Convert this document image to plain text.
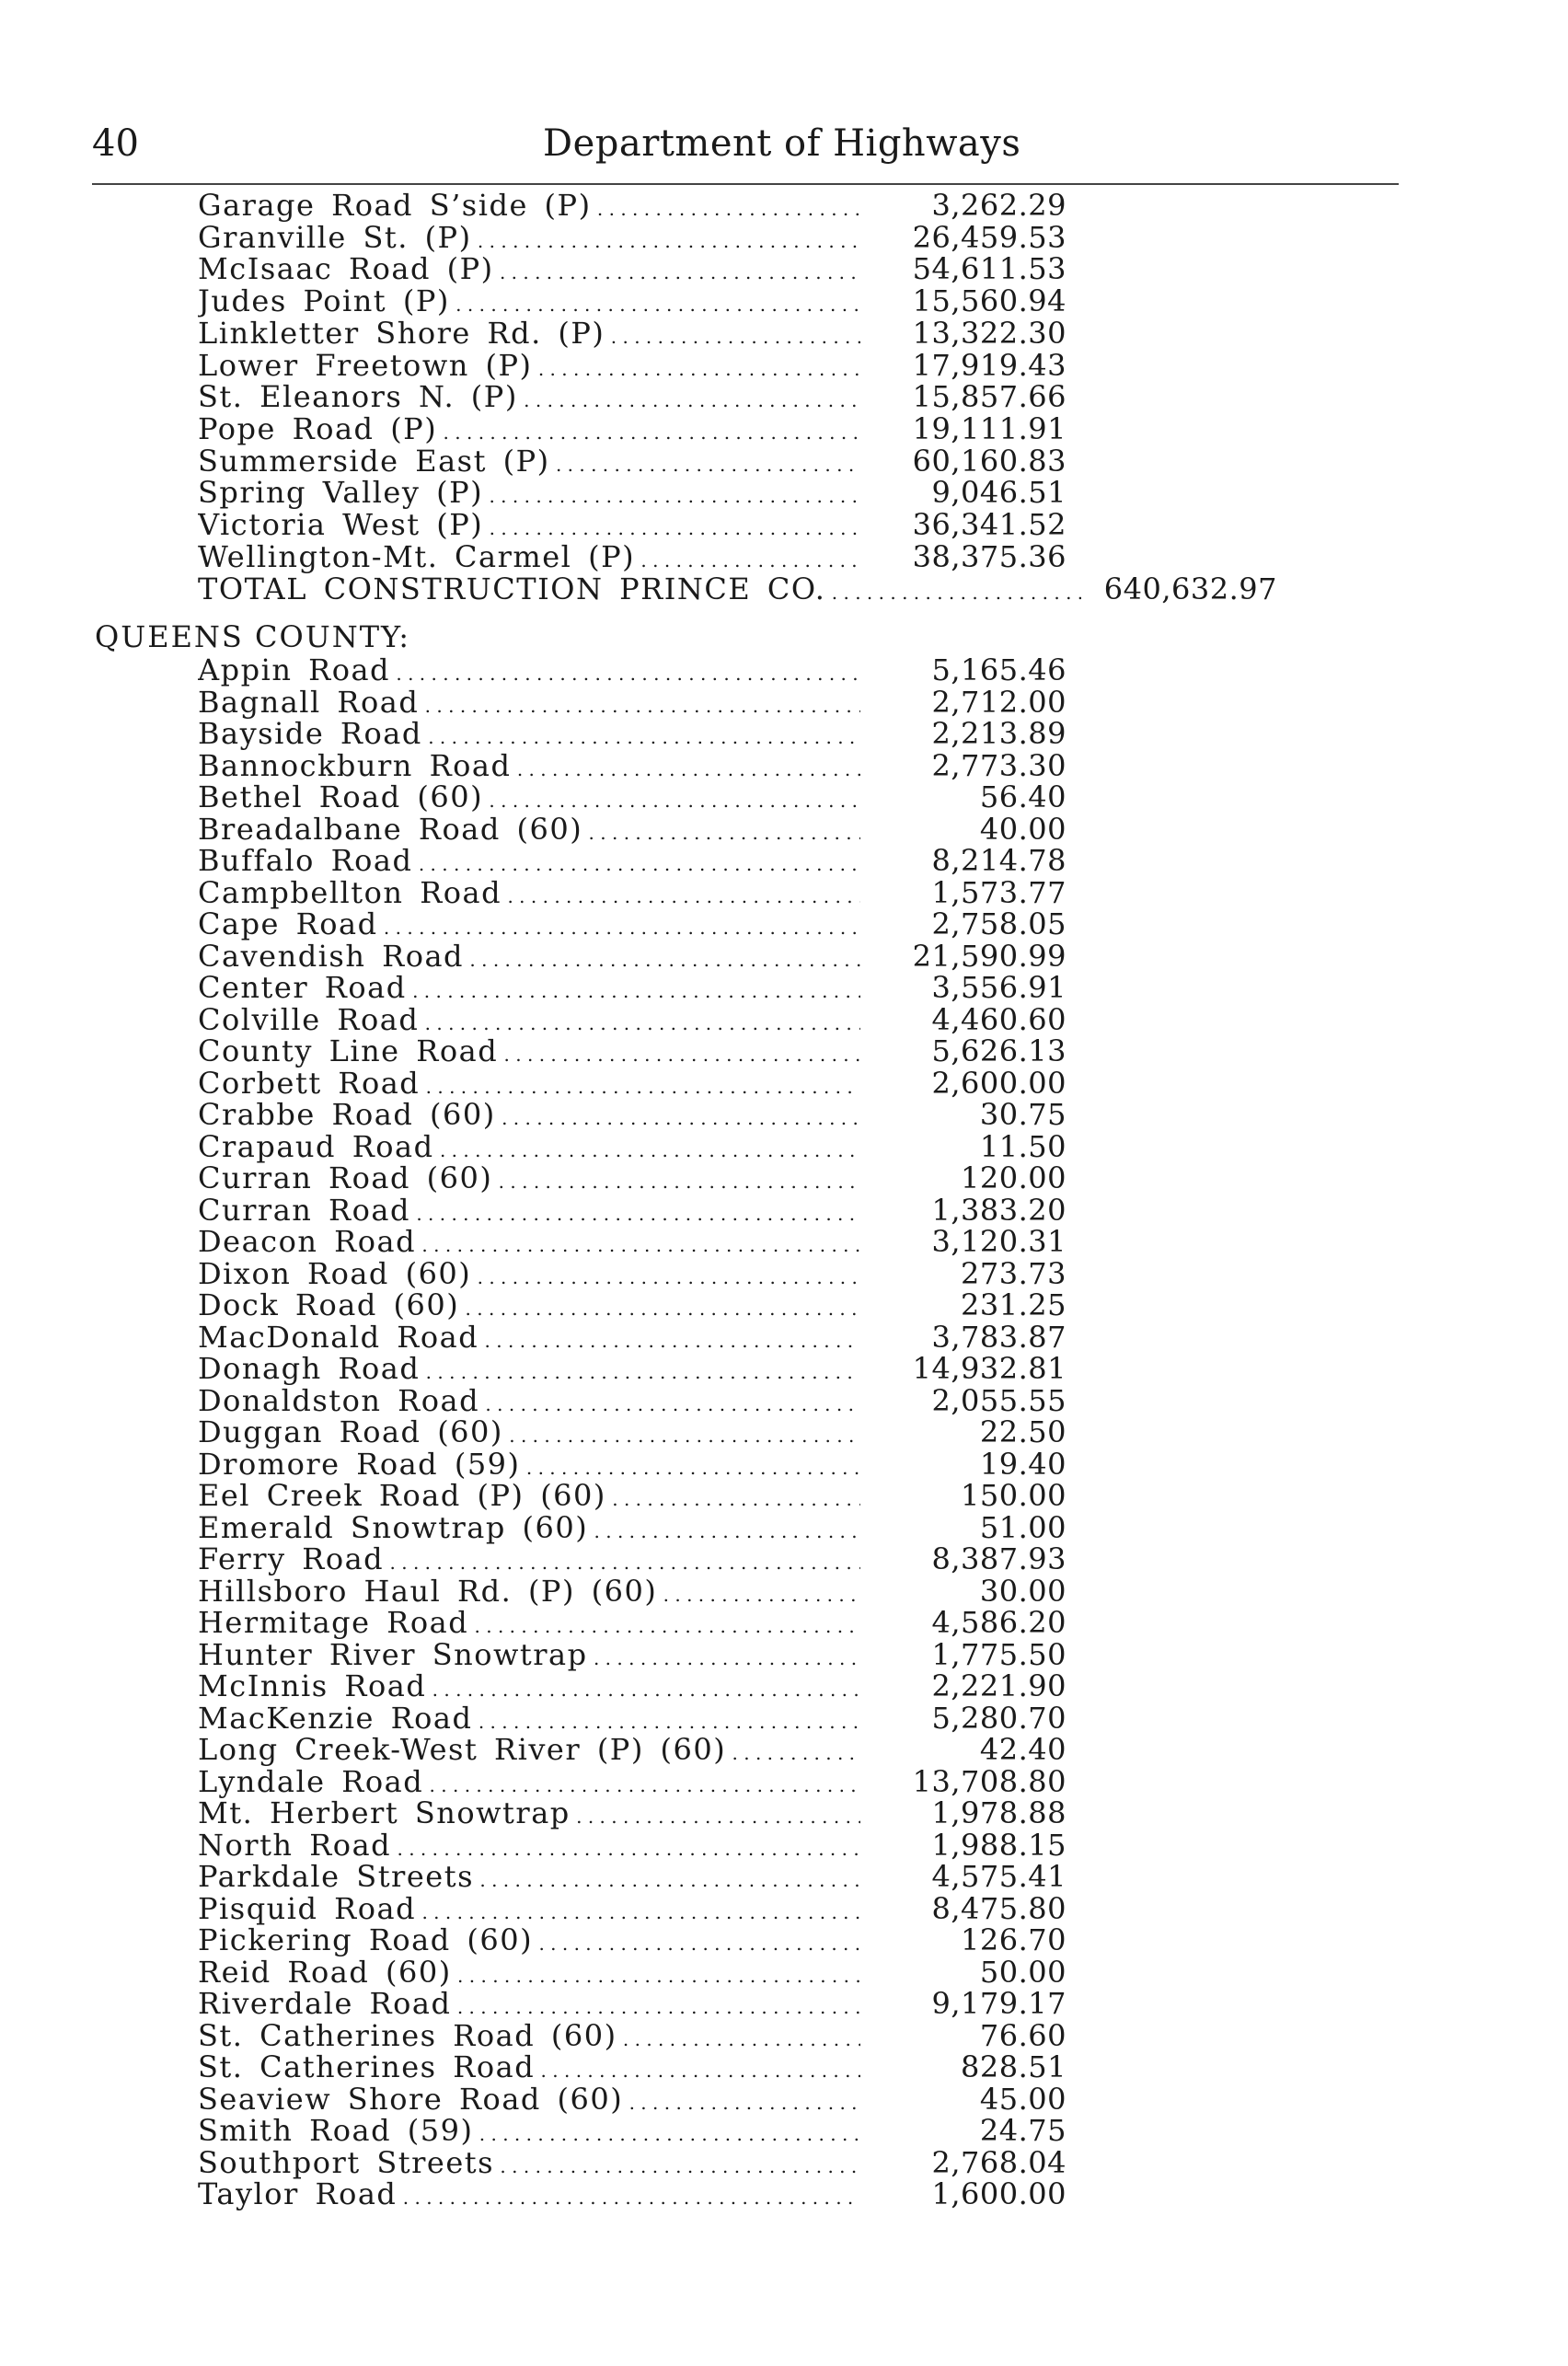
40	Department of Highways
Garage Road S’side (P) . . .	3,262.29
Granville St. (P) . . .	26,459.53
McIsaac Road (P) . . .	54,611.53
Judes Point (P) . . .	15,560.94
Linkletter Shore Rd. (P) . . .	13,322.30
Lower Freetown (P) . . .	17,919.43
St. Eleanors N. (P) . . .	15,857.66
Pope Road (P) . . .	19,111.91
Summerside East (P) . . .	60,160.83
Spring Valley (P) . . .	9,046.51
Victoria West (P) . . .	36,341.52
Wellington-Mt. Carmel (P) . . .	38,375.36
TOTAL CONSTRUCTION PRINCE CO. . . .	640,632.97
Appin Road . . .	5,165.46
Bagnall Road . . .	2,712.00
Bayside Road . . .	2,213.89
Bannockburn Road . . .	2,773.30
Bethel Road (60) . . .	56.40
Breadalbane Road (60) . . .	40.00
Buffalo Road . . .	8,214.78
Campbellton Road . . .	1,573.77
Cape Road . . .	2,758.05
Cavendish Road . . .	21,590.99
Center Road . . .	3,556.91
Colville Road . . .	4,460.60
County Line Road . . .	5,626.13
Corbett Road . . .	2,600.00
Crabbe Road (60) . . .	30.75
Crapaud Road . . .	11.50
Curran Road (60) . . .	120.00
Curran Road . . .	1,383.20
Deacon Road . . .	3,120.31
Dixon Road (60) . . .	273.73
Dock Road (60) . . .	231.25
MacDonald Road . . .	3,783.87
Donagh Road . . .	14,932.81
Donaldston Road . . .	2,055.55
Duggan Road (60) . . .	22.50
Dromore Road (59) . . .	19.40
Eel Creek Road (P) (60) . . .	150.00
Emerald Snowtrap (60) . . .	51.00
Ferry Road . . .	8,387.93
Hillsboro Haul Rd. (P) (60) . . .	30.00
Hermitage Road . . .	4,586.20
Hunter River Snowtrap . . .	1,775.50
McInnis Road . . .	2,221.90
MacKenzie Road . . .	5,280.70
Long Creek-West River (P) (60) . . .	42.40
Lyndale Road . . .	13,708.80
Mt. Herbert Snowtrap . . .	1,978.88
North Road . . .	1,988.15
Parkdale Streets . . .	4,575.41
Pisquid Road . . .	8,475.80
Pickering Road (60) . . .	126.70
Reid Road (60) . . .	50.00
Riverdale Road . . .	9,179.17
St. Catherines Road (60) . . .	76.60
St. Catherines Road . . .	828.51
Seaview Shore Road (60) . . .	45.00
Smith Road (59) . . .	24.75
Southport Streets . . .	2,768.04
Taylor Road . . .	1,600.00
QUEENS COUNTY:
